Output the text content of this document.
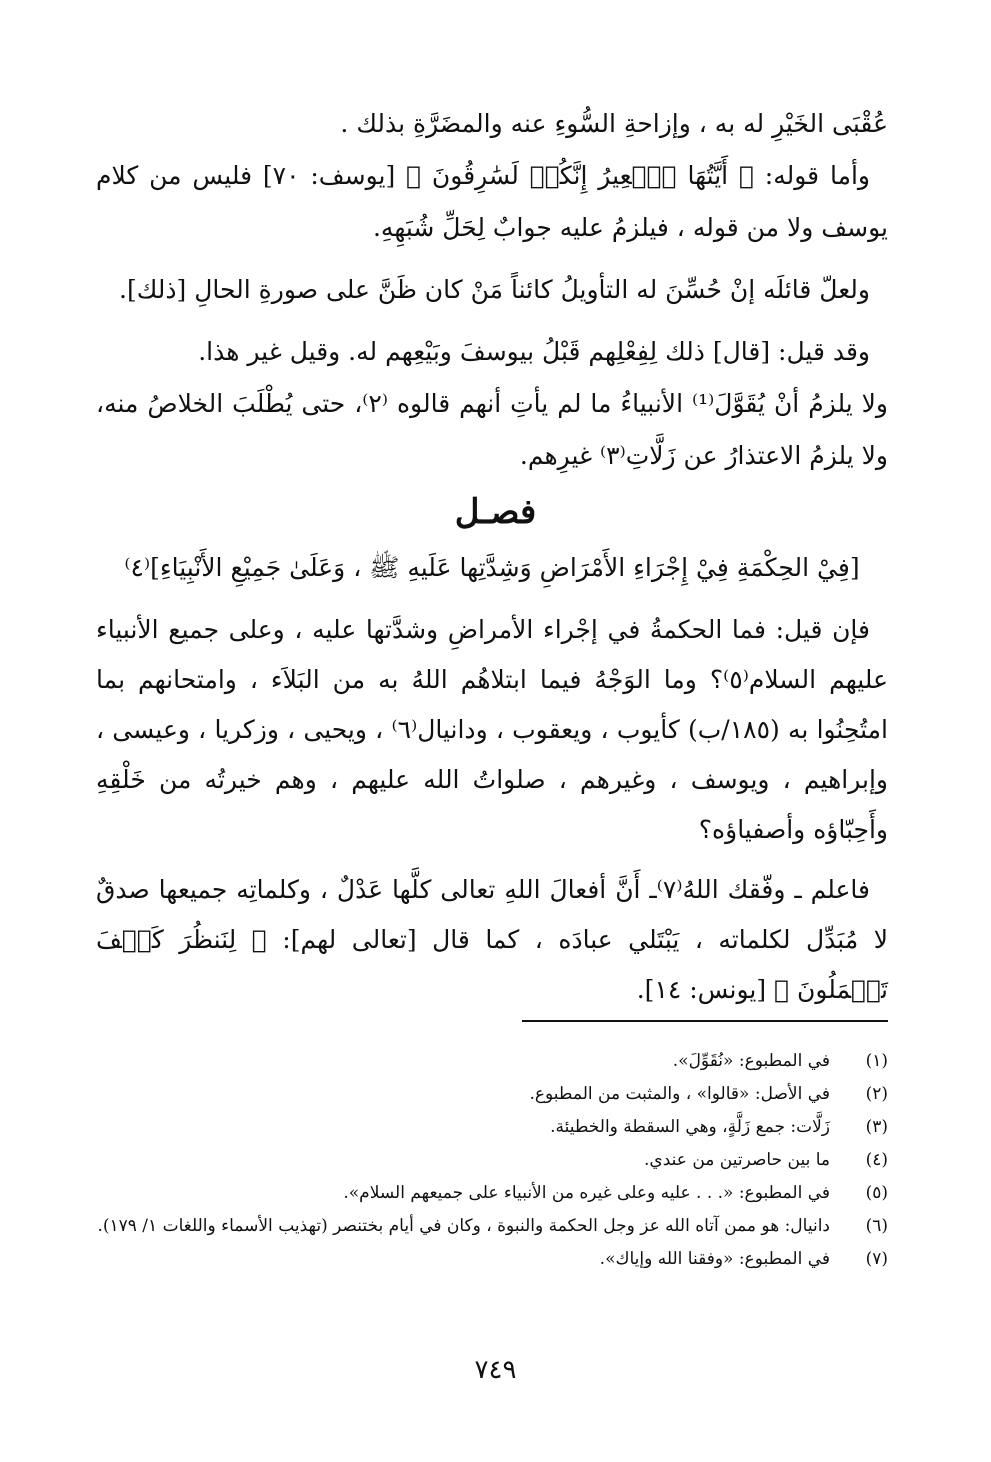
عُقْبَى الخَيْرِ له به ، وإزاحةِ السُّوءِ عنه والمضَرَّةِ بذلك .

وأما قوله: ﴿ أَيَّتُهَا ٱلۡعِيرُ إِنَّكُمۡ لَسَٰرِقُونَ ﴾ [يوسف: ٧٠] فليس من كلام يوسف ولا من قوله ، فيلزمُ عليه جوابٌ لِحَلِّ شُبَهِهِ.

ولعلّ قائلَه إنْ حُسِّنَ له التأويلُ كائناً مَنْ كان ظَنَّ على صورةِ الحالِ [ذلك].

وقد قيل: [قال] ذلك لِفِعْلِهم قَبْلُ بيوسفَ وبَيْعِهم له. وقيل غير هذا.

ولا يلزمُ أنْ يُقَوَّلَ⁽¹⁾ الأنبياءُ ما لم يأتِ أنهم قالوه ⁽٢⁾، حتى يُطْلَبَ الخلاصُ منه، ولا يلزمُ الاعتذارُ عن زَلَّاتِ⁽٣⁾ غيرِهم.

فصـل
[فِيْ الحِكْمَةِ فِيْ إِجْرَاءِ الأَمْرَاضِ وَشِدَّتِها عَلَيهِ ﷺ ، وَعَلَىٰ جَمِيْعِ الأَنْبِيَاءِ]⁽٤⁾

فإن قيل: فما الحكمةُ في إجْراء الأمراضِ وشدَّتها عليه ، وعلى جميع الأنبياء عليهم السلام⁽٥⁾؟ وما الوَجْهُ فيما ابتلاهُم اللهُ به من البَلاَء ، وامتحانهم بما امتُحِنُوا به (١٨٥/ب) كأيوب ، ويعقوب ، ودانيال⁽٦⁾ ، ويحيى ، وزكريا ، وعيسى ، وإبراهيم ، ويوسف ، وغيرهم ، صلواتُ الله عليهم ، وهم خيرتُه من خَلْقِهِ وأَحِبّاؤه وأصفياؤه؟

فاعلم ـ وفّقك اللهُ⁽٧⁾ـ أَنَّ أفعالَ اللهِ تعالى كلَّها عَدْلٌ ، وكلماتِه جميعها صدقٌ لا مُبَدِّل لكلماته ، يَبْتَلي عبادَه ، كما قال [تعالى لهم]: ﴿ لِنَنظُرَ كَيۡفَ تَعۡمَلُونَ ﴾ [يونس: ١٤].

(١)
في المطبوع: «نُقَوِّلَ».
(٢)
في الأصل: «قالوا» ، والمثبت من المطبوع.
(٣)
زَلَّات: جمع زَلَّةٍ، وهي السقطة والخطيئة.
(٤)
ما بين حاصرتين من عندي.
(٥)
في المطبوع: «. . . عليه وعلى غيره من الأنبياء على جميعهم السلام».
(٦)
دانيال: هو ممن آتاه الله عز وجل الحكمة والنبوة ، وكان في أيام بختنصر (تهذيب الأسماء واللغات ١/ ١٧٩).
(٧)
في المطبوع: «وفقنا الله وإياك».
٧٤٩
